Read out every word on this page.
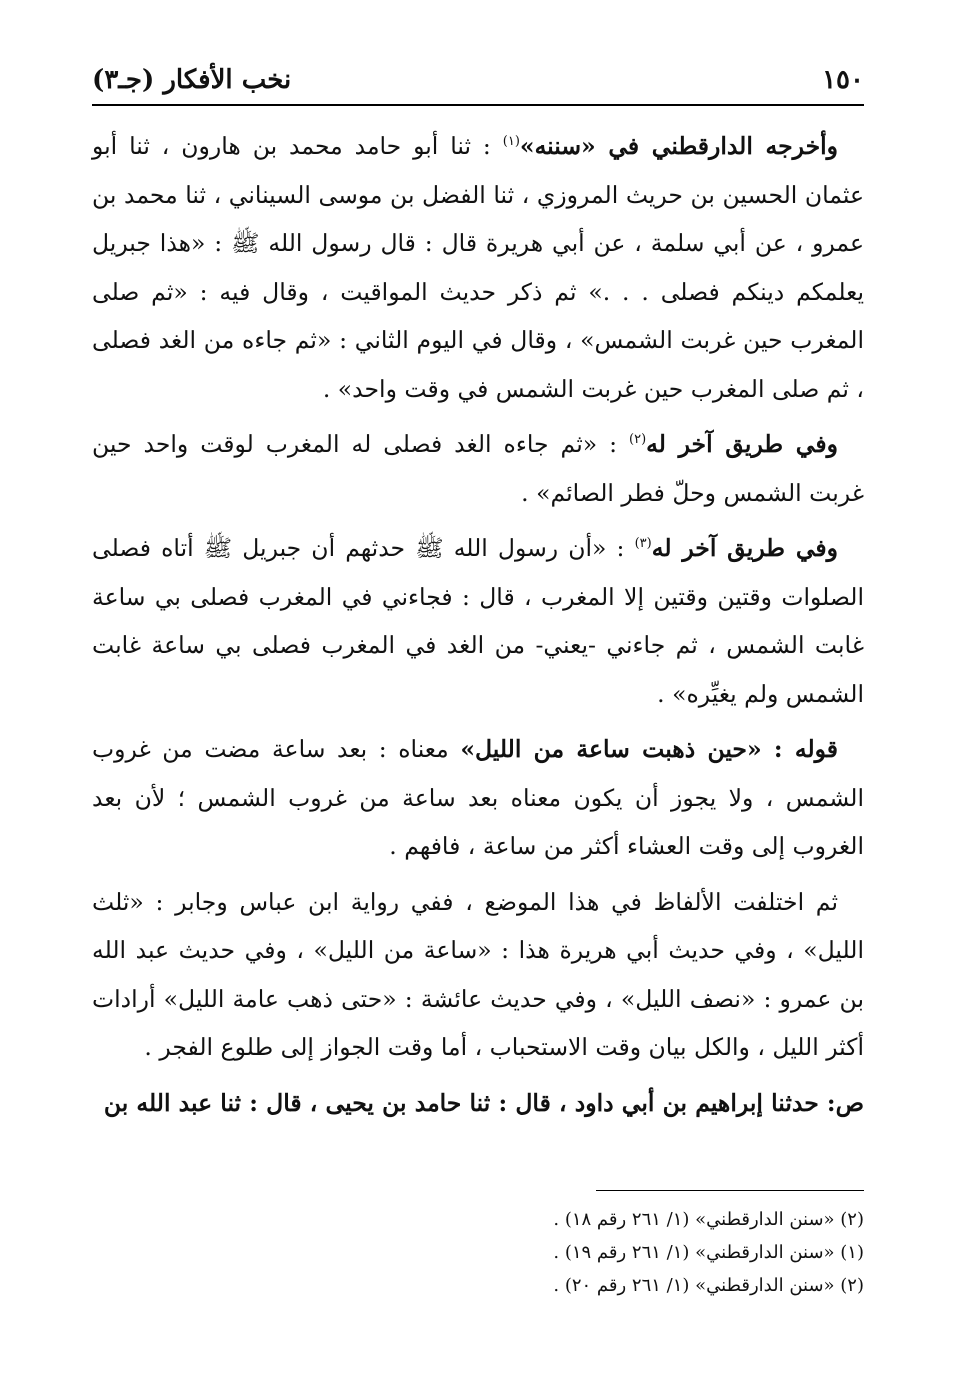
١٥٠
نخب الأفكار (جـ٣)

وأخرجه الدارقطني في «سننه»$^{(١)}$ : ثنا أبو حامد محمد بن هارون ، ثنا أبو عثمان الحسين بن حريث المروزي ، ثنا الفضل بن موسى السيناني ، ثنا محمد بن عمرو ، عن أبي سلمة ، عن أبي هريرة قال : قال رسول الله ﷺ : «هذا جبريل يعلمكم دينكم فصلى . . .» ثم ذكر حديث المواقيت ، وقال فيه : «ثم صلى المغرب حين غربت الشمس» ، وقال في اليوم الثاني : «ثم جاءه من الغد فصلى ، ثم صلى المغرب حين غربت الشمس في وقت واحد» .

وفي طريق آخر له$^{(٢)}$ : «ثم جاءه الغد فصلى له المغرب لوقت واحد حين غربت الشمس وحلّ فطر الصائم» .

وفي طريق آخر له$^{(٣)}$ : «أن رسول الله ﷺ حدثهم أن جبريل ﷺ أتاه فصلى الصلوات وقتين وقتين إلا المغرب ، قال : فجاءني في المغرب فصلى بي ساعة غابت الشمس ، ثم جاءني -يعني- من الغد في المغرب فصلى بي ساعة غابت الشمس ولم يغيِّره» .

قوله : «حين ذهبت ساعة من الليل» معناه : بعد ساعة مضت من غروب الشمس ، ولا يجوز أن يكون معناه بعد ساعة من غروب الشمس ؛ لأن بعد الغروب إلى وقت العشاء أكثر من ساعة ، فافهم .

ثم اختلفت الألفاظ في هذا الموضع ، ففي رواية ابن عباس وجابر : «ثلث الليل» ، وفي حديث أبي هريرة هذا : «ساعة من الليل» ، وفي حديث عبد الله بن عمرو : «نصف الليل» ، وفي حديث عائشة : «حتى ذهب عامة الليل» أرادات أكثر الليل ، والكل بيان وقت الاستحباب ، أما وقت الجواز إلى طلوع الفجر .

ص: حدثنا إبراهيم بن أبي داود ، قال : ثنا حامد بن يحيى ، قال : ثنا عبد الله بن

(٢) «سنن الدارقطني» (١/ ٢٦١ رقم ١٨) .
(١) «سنن الدارقطني» (١/ ٢٦١ رقم ١٩) .
(٢) «سنن الدارقطني» (١/ ٢٦١ رقم ٢٠) .
